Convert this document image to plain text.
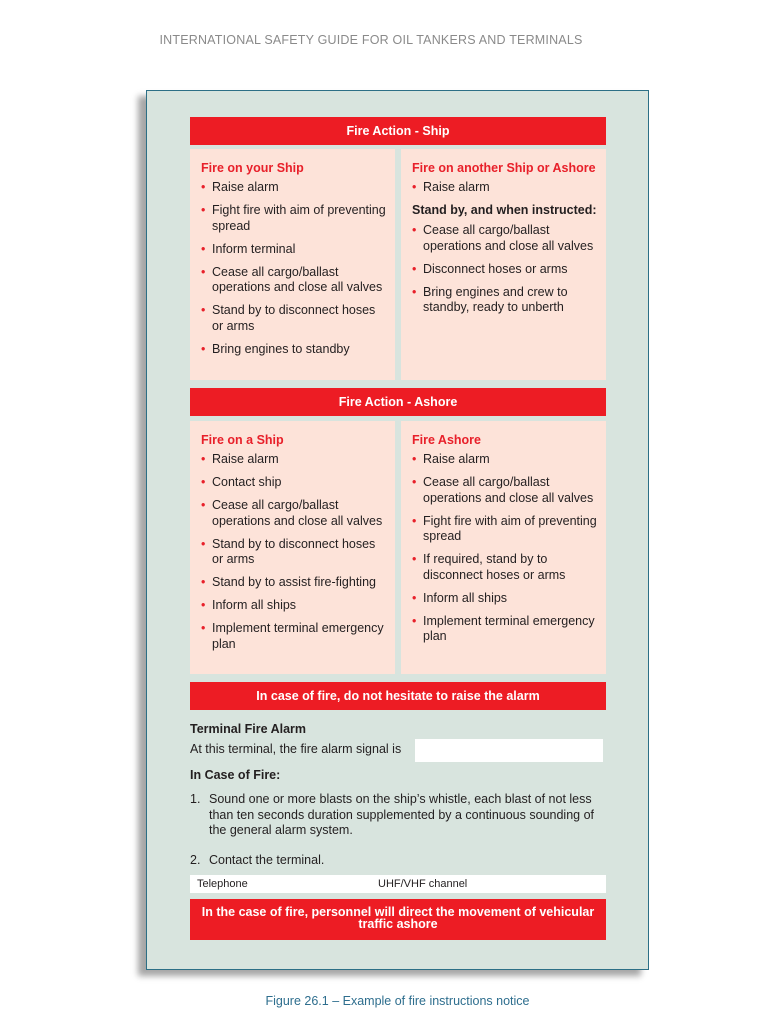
INTERNATIONAL SAFETY GUIDE FOR OIL TANKERS AND TERMINALS
Fire Action - Ship
Fire on your Ship
• Raise alarm
• Fight fire with aim of preventing spread
• Inform terminal
• Cease all cargo/ballast operations and close all valves
• Stand by to disconnect hoses or arms
• Bring engines to standby
Fire on another Ship or Ashore
• Raise alarm
Stand by, and when instructed:
• Cease all cargo/ballast operations and close all valves
• Disconnect hoses or arms
• Bring engines and crew to standby, ready to unberth
Fire Action - Ashore
Fire on a Ship
• Raise alarm
• Contact ship
• Cease all cargo/ballast operations and close all valves
• Stand by to disconnect hoses or arms
• Stand by to assist fire-fighting
• Inform all ships
• Implement terminal emergency plan
Fire Ashore
• Raise alarm
• Cease all cargo/ballast operations and close all valves
• Fight fire with aim of preventing spread
• If required, stand by to disconnect hoses or arms
• Inform all ships
• Implement terminal emergency plan
In case of fire, do not hesitate to raise the alarm
Terminal Fire Alarm
At this terminal, the fire alarm signal is
In Case of Fire:
1. Sound one or more blasts on the ship’s whistle, each blast of not less than ten seconds duration supplemented by a continuous sounding of the general alarm system.
2. Contact the terminal.
Telephone	UHF/VHF channel
In the case of fire, personnel will direct the movement of vehicular traffic ashore
Figure 26.1 – Example of fire instructions notice
